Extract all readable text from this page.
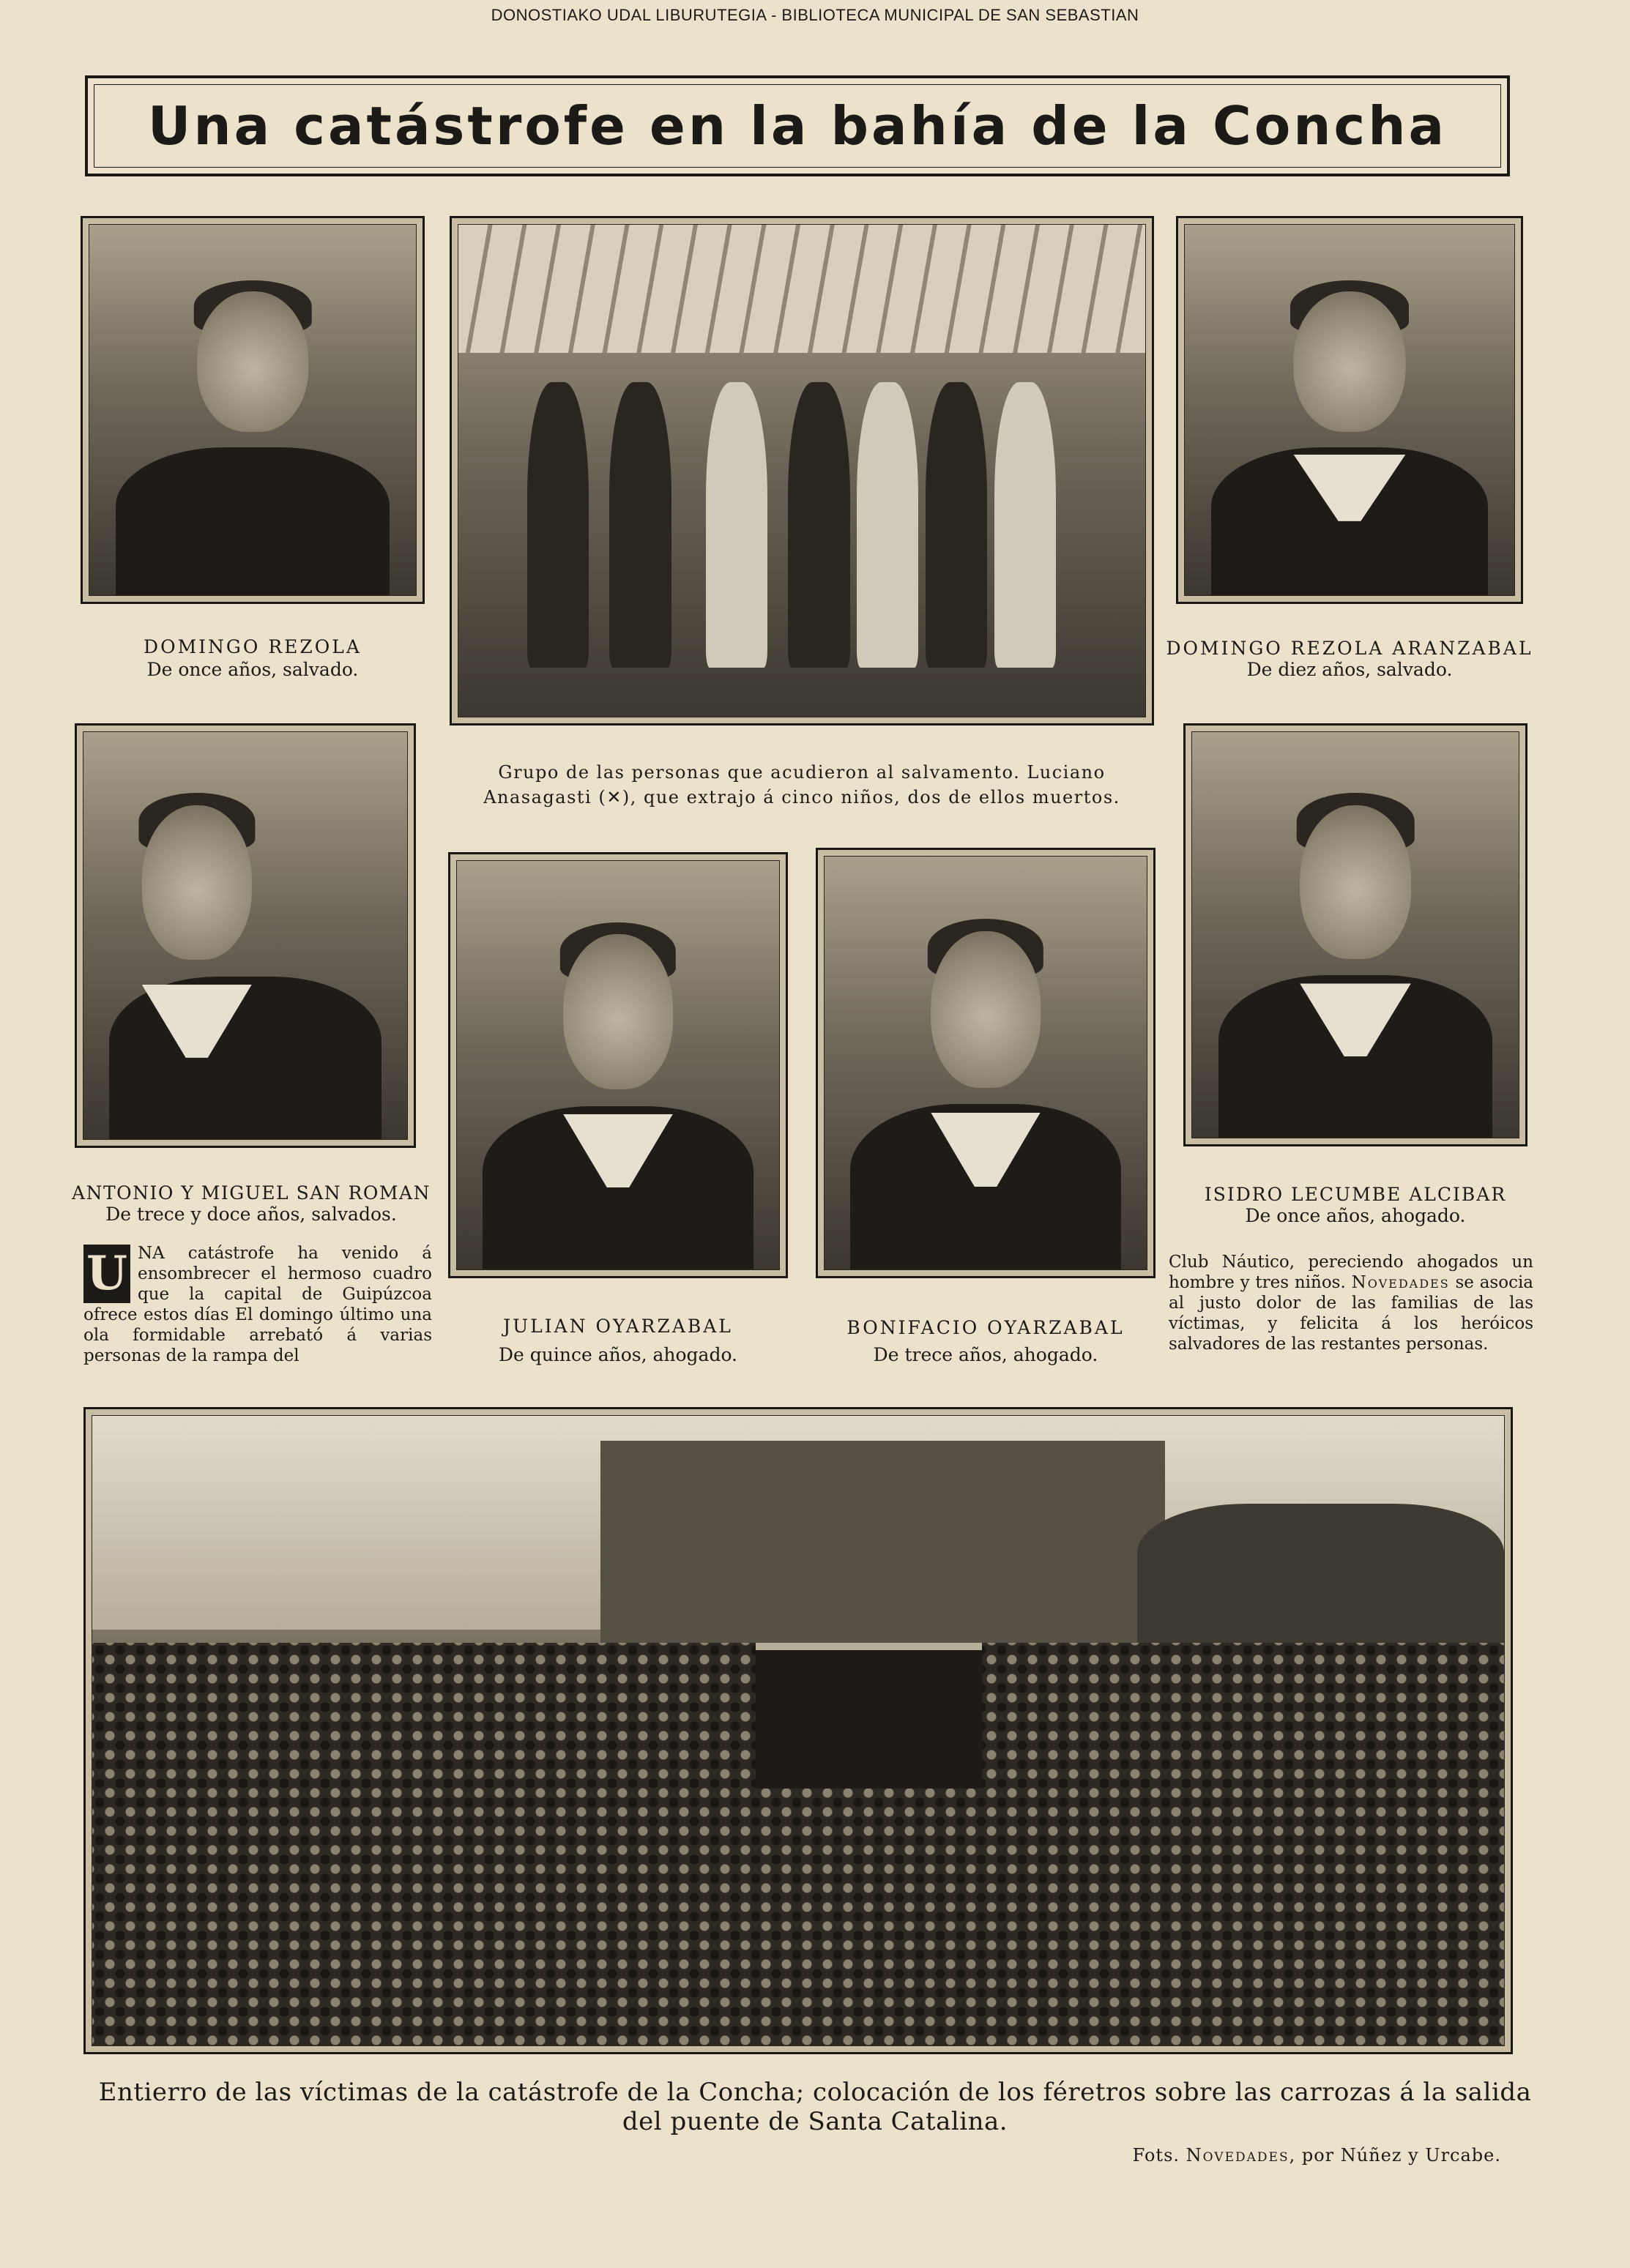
DONOSTIAKO UDAL LIBURUTEGIA - BIBLIOTECA MUNICIPAL DE SAN SEBASTIAN
Una catástrofe en la bahía de la Concha
DOMINGO REZOLA
De once años, salvado.
Grupo de las personas que acudieron al salvamento. Luciano
Anasagasti (✕), que extrajo á cinco niños, dos de ellos muertos.
DOMINGO REZOLA ARANZABAL
De diez años, salvado.
ANTONIO Y MIGUEL SAN ROMAN
De trece y doce años, salvados.
JULIAN OYARZABAL
De quince años, ahogado.
BONIFACIO OYARZABAL
De trece años, ahogado.
ISIDRO LECUMBE ALCIBAR
De once años, ahogado.
U NA catástrofe ha venido á ensombrecer el hermoso cuadro que la capital de Guipúzcoa ofrece estos días El domingo último una ola formidable arrebató á varias personas de la rampa del
Club Náutico, pereciendo ahogados un hombre y tres niños. Novedades se asocia al justo dolor de las familias de las víctimas, y felicita á los heróicos salvadores de las restantes personas.
Entierro de las víctimas de la catástrofe de la Concha; colocación de los féretros sobre las carrozas á la salida
del puente de Santa Catalina.
Fots. Novedades, por Núñez y Urcabe.
